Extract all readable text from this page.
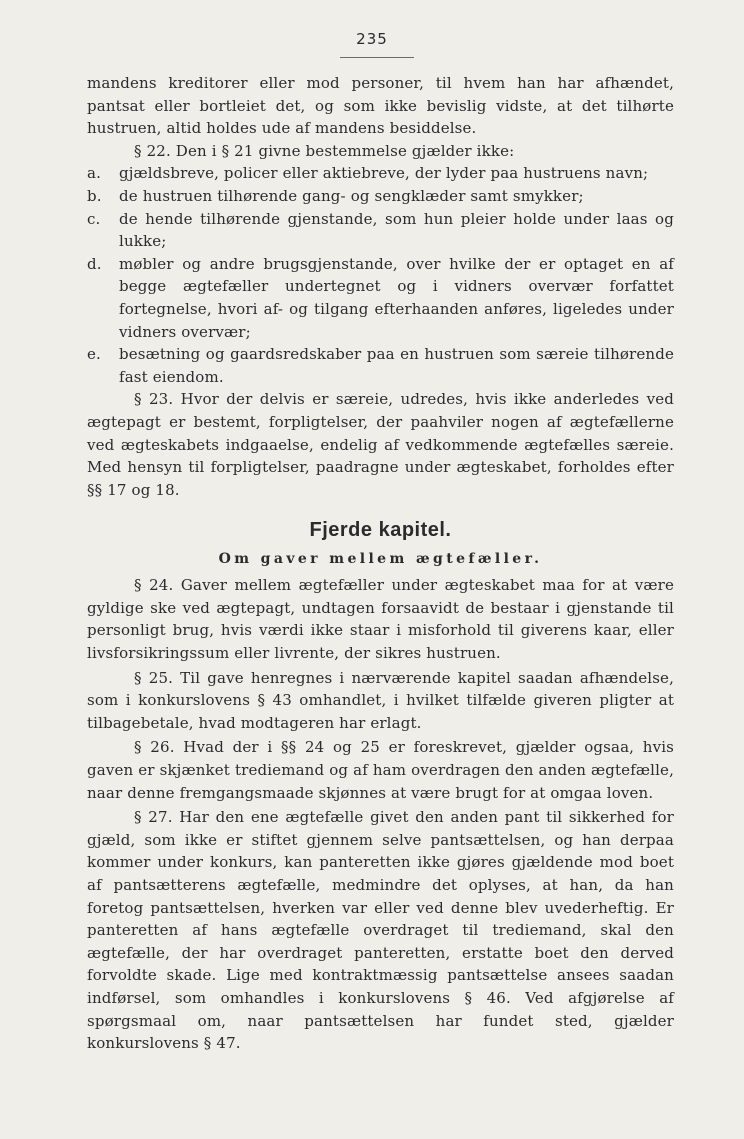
235

mandens kreditorer eller mod personer, til hvem han har afhændet, pantsat eller bortleiet det, og som ikke bevislig vidste, at det tilhørte hustruen, altid holdes ude af mandens besiddelse.

§ 22. Den i § 21 givne bestemmelse gjælder ikke:

a.	gjældsbreve, policer eller aktiebreve, der lyder paa hustruens navn;
b.	de hustruen tilhørende gang- og sengklæder samt smykker;
c.	de hende tilhørende gjenstande, som hun pleier holde under laas og lukke;
d.	møbler og andre brugsgjenstande, over hvilke der er optaget en af begge ægtefæller undertegnet og i vidners overvær forfattet fortegnelse, hvori af- og tilgang efterhaanden anføres, ligeledes under vidners overvær;
e.	besætning og gaardsredskaber paa en hustruen som særeie tilhørende fast eiendom.

§ 23. Hvor der delvis er særeie, udredes, hvis ikke anderledes ved ægtepagt er bestemt, forpligtelser, der paahviler nogen af ægtefællerne ved ægteskabets indgaaelse, endelig af vedkommende ægtefælles særeie. Med hensyn til forpligtelser, paadragne under ægteskabet, forholdes efter §§ 17 og 18.

Fjerde kapitel.
Om gaver mellem ægtefæller.

§ 24. Gaver mellem ægtefæller under ægteskabet maa for at være gyldige ske ved ægtepagt, undtagen forsaavidt de bestaar i gjenstande til personligt brug, hvis værdi ikke staar i misforhold til giverens kaar, eller livsforsikringssum eller livrente, der sikres hustruen.

§ 25. Til gave henregnes i nærværende kapitel saadan afhændelse, som i konkurslovens § 43 omhandlet, i hvilket tilfælde giveren pligter at tilbagebetale, hvad modtageren har erlagt.

§ 26. Hvad der i §§ 24 og 25 er foreskrevet, gjælder ogsaa, hvis gaven er skjænket trediemand og af ham overdragen den anden ægtefælle, naar denne fremgangsmaade skjønnes at være brugt for at omgaa loven.

§ 27. Har den ene ægtefælle givet den anden pant til sikkerhed for gjæld, som ikke er stiftet gjennem selve pantsættelsen, og han derpaa kommer under konkurs, kan panteretten ikke gjøres gjældende mod boet af pantsætterens ægtefælle, medmindre det oplyses, at han, da han foretog pantsættelsen, hverken var eller ved denne blev uvederheftig. Er panteretten af hans ægtefælle overdraget til trediemand, skal den ægtefælle, der har overdraget panteretten, erstatte boet den derved forvoldte skade. Lige med kontraktmæssig pantsættelse ansees saadan indførsel, som omhandles i konkurslovens § 46. Ved afgjørelse af spørgsmaal om, naar pantsættelsen har fundet sted, gjælder konkurslovens § 47.
